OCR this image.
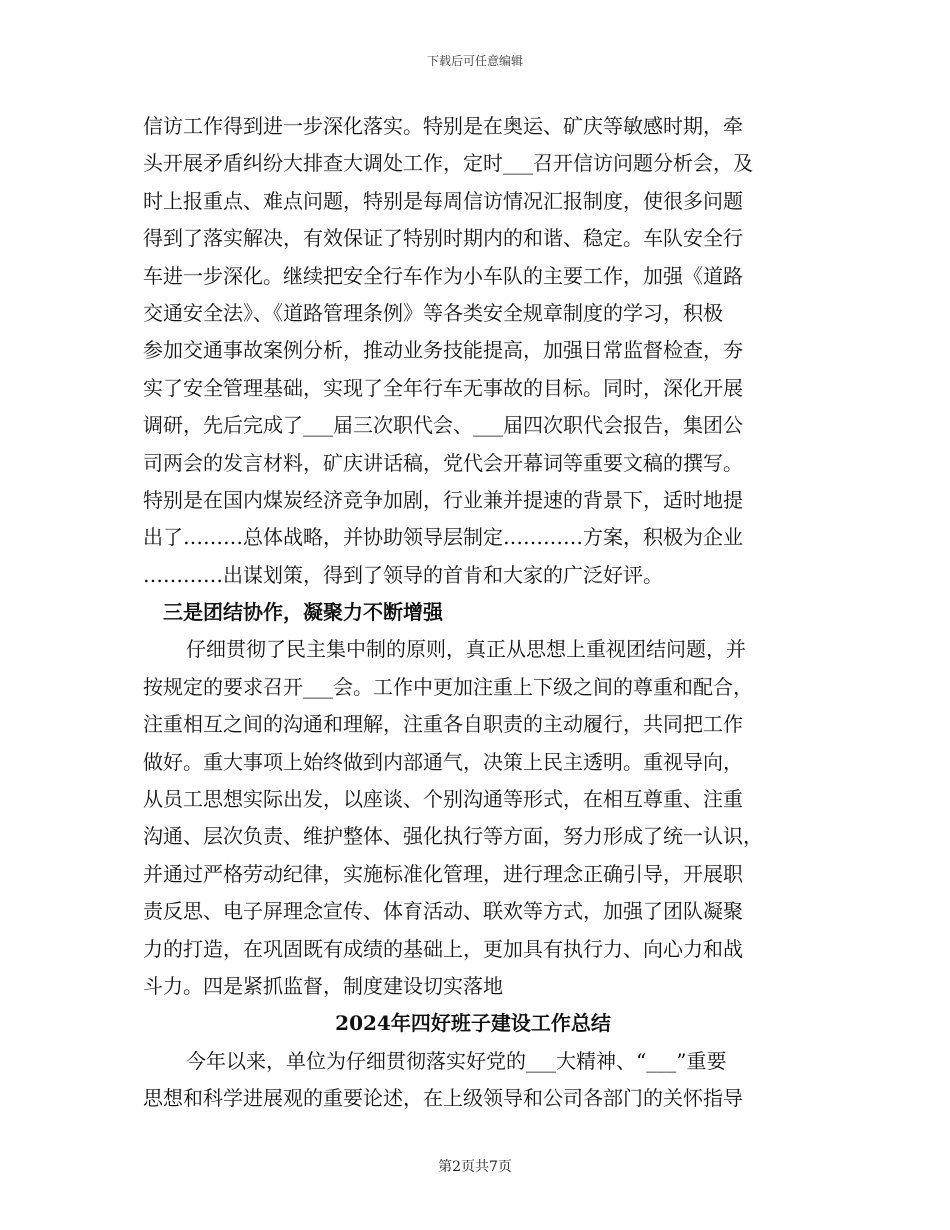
下载后可任意编辑
信访工作得到进一步深化落实。特别是在奥运、矿庆等敏感时期，牵
头开展矛盾纠纷大排查大调处工作，定时___召开信访问题分析会，及
时上报重点、难点问题，特别是每周信访情况汇报制度，使很多问题
得到了落实解决，有效保证了特别时期内的和谐、稳定。车队安全行
车进一步深化。继续把安全行车作为小车队的主要工作，加强《道路
交通安全法》、《道路管理条例》等各类安全规章制度的学习，积极
参加交通事故案例分析，推动业务技能提高，加强日常监督检查，夯
实了安全管理基础，实现了全年行车无事故的目标。同时，深化开展
调研，先后完成了___届三次职代会、___届四次职代会报告，集团公
司两会的发言材料，矿庆讲话稿，党代会开幕词等重要文稿的撰写。
特别是在国内煤炭经济竞争加剧，行业兼并提速的背景下，适时地提
出了………总体战略，并协助领导层制定…………方案，积极为企业
…………出谋划策，得到了领导的首肯和大家的广泛好评。
三是团结协作，凝聚力不断增强
仔细贯彻了民主集中制的原则，真正从思想上重视团结问题，并
按规定的要求召开___会。工作中更加注重上下级之间的尊重和配合，
注重相互之间的沟通和理解，注重各自职责的主动履行，共同把工作
做好。重大事项上始终做到内部通气，决策上民主透明。重视导向，
从员工思想实际出发，以座谈、个别沟通等形式，在相互尊重、注重
沟通、层次负责、维护整体、强化执行等方面，努力形成了统一认识，
并通过严格劳动纪律，实施标准化管理，进行理念正确引导，开展职
责反思、电子屏理念宣传、体育活动、联欢等方式，加强了团队凝聚
力的打造，在巩固既有成绩的基础上，更加具有执行力、向心力和战
斗力。四是紧抓监督，制度建设切实落地
2024年四好班子建设工作总结
今年以来，单位为仔细贯彻落实好党的___大精神、“___”重要
思想和科学进展观的重要论述，在上级领导和公司各部门的关怀指导
第2页共7页
